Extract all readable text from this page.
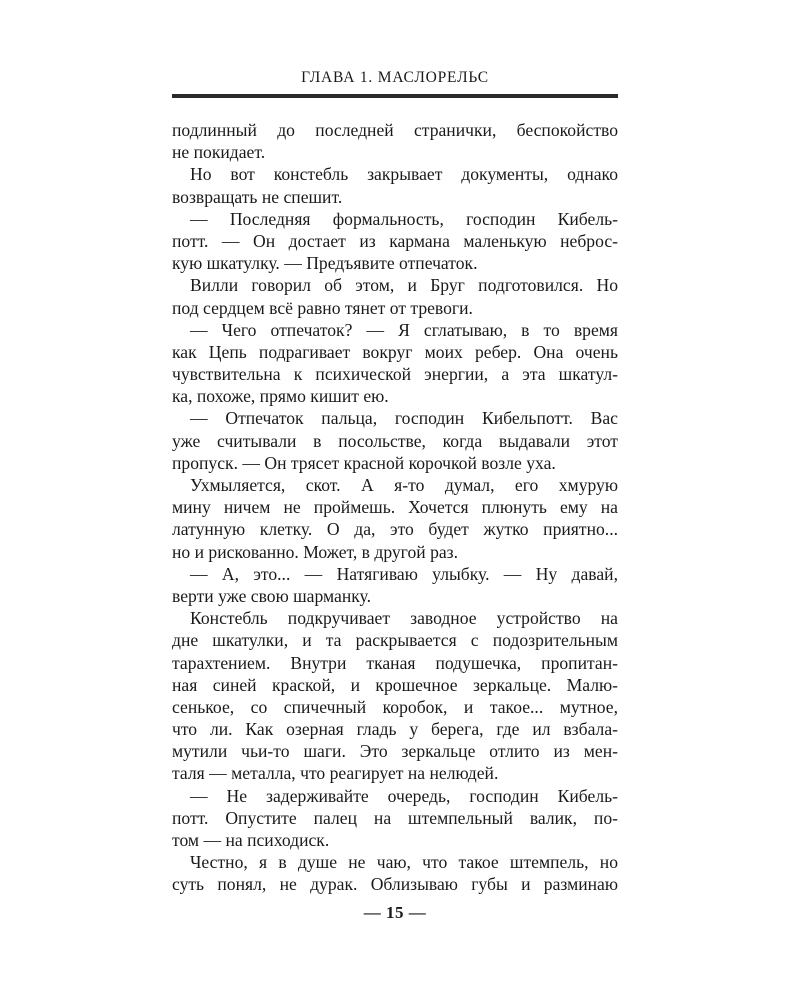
ГЛАВА 1. МАСЛОРЕЛЬС
подлинный до последней странички, беспокойство
не покидает.
Но вот констебль закрывает документы, однако
возвращать не спешит.
— Последняя формальность, господин Кибель-
потт. — Он достает из кармана маленькую неброс-
кую шкатулку. — Предъявите отпечаток.
Вилли говорил об этом, и Бруг подготовился. Но
под сердцем всё равно тянет от тревоги.
— Чего отпечаток? — Я сглатываю, в то время
как Цепь подрагивает вокруг моих ребер. Она очень
чувствительна к психической энергии, а эта шкатул-
ка, похоже, прямо кишит ею.
— Отпечаток пальца, господин Кибельпотт. Вас
уже считывали в посольстве, когда выдавали этот
пропуск. — Он трясет красной корочкой возле уха.
Ухмыляется, скот. А я-то думал, его хмурую
мину ничем не проймешь. Хочется плюнуть ему на
латунную клетку. О да, это будет жутко приятно...
но и рискованно. Может, в другой раз.
— А, это... — Натягиваю улыбку. — Ну давай,
верти уже свою шарманку.
Констебль подкручивает заводное устройство на
дне шкатулки, и та раскрывается с подозрительным
тарахтением. Внутри тканая подушечка, пропитан-
ная синей краской, и крошечное зеркальце. Малю-
сенькое, со спичечный коробок, и такое... мутное,
что ли. Как озерная гладь у берега, где ил взбала-
мутили чьи-то шаги. Это зеркальце отлито из мен-
таля — металла, что реагирует на нелюдей.
— Не задерживайте очередь, господин Кибель-
потт. Опустите палец на штемпельный валик, по-
том — на психодиск.
Честно, я в душе не чаю, что такое штемпель, но
суть понял, не дурак. Облизываю губы и разминаю
— 15 —
